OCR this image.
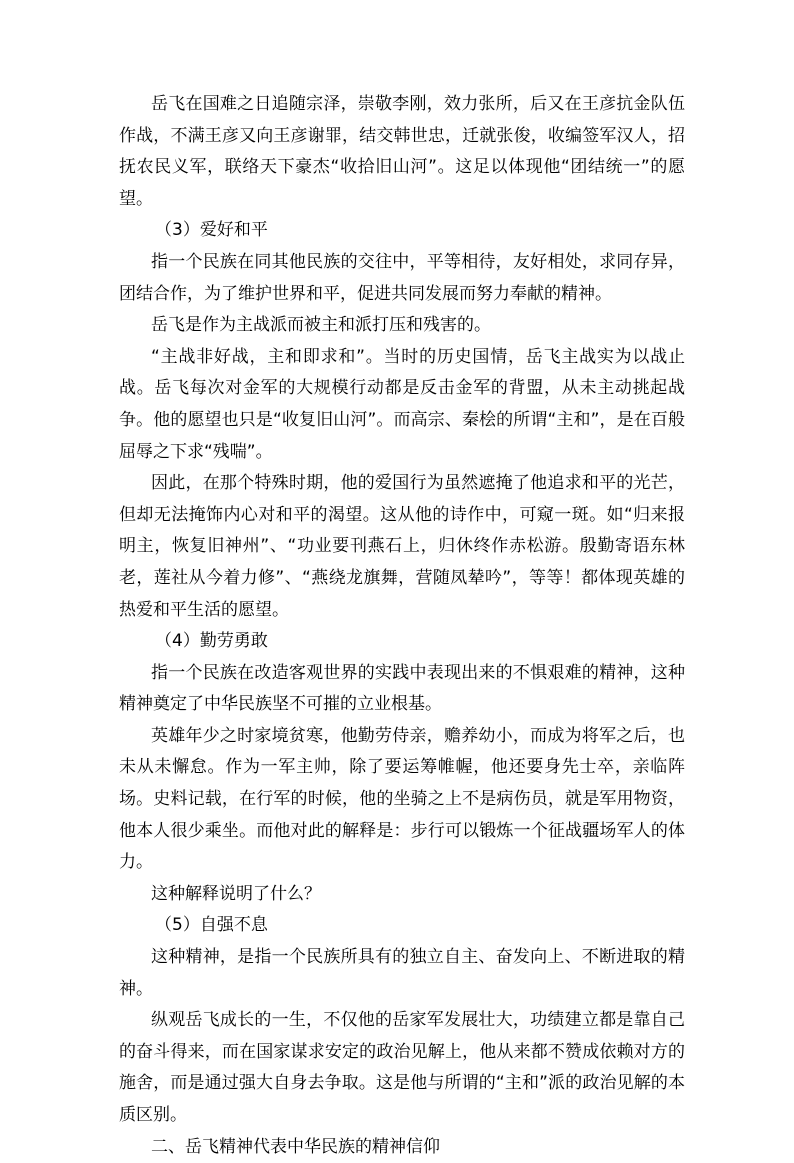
岳飞在国难之日追随宗泽，崇敬李刚，效力张所，后又在王彦抗金队伍作战，不满王彦又向王彦谢罪，结交韩世忠，迁就张俊，收编签军汉人，招抚农民义军，联络天下豪杰“收拾旧山河”。这足以体现他“团结统一”的愿望。

（3）爱好和平

指一个民族在同其他民族的交往中，平等相待，友好相处，求同存异，团结合作，为了维护世界和平，促进共同发展而努力奉献的精神。

岳飞是作为主战派而被主和派打压和残害的。

“主战非好战，主和即求和”。当时的历史国情，岳飞主战实为以战止战。岳飞每次对金军的大规模行动都是反击金军的背盟，从未主动挑起战争。他的愿望也只是“收复旧山河”。而高宗、秦桧的所谓“主和”，是在百般屈辱之下求“残喘”。

因此，在那个特殊时期，他的爱国行为虽然遮掩了他追求和平的光芒，但却无法掩饰内心对和平的渴望。这从他的诗作中，可窥一斑。如“归来报明主，恢复旧神州”、“功业要刊燕石上，归休终作赤松游。殷勤寄语东林老，莲社从今着力修”、“燕绕龙旗舞，营随凤辇吟”，等等！都体现英雄的热爱和平生活的愿望。

（4）勤劳勇敢

指一个民族在改造客观世界的实践中表现出来的不惧艰难的精神，这种精神奠定了中华民族坚不可摧的立业根基。

英雄年少之时家境贫寒，他勤劳侍亲，赡养幼小，而成为将军之后，也未从未懈怠。作为一军主帅，除了要运筹帷幄，他还要身先士卒，亲临阵场。史料记载，在行军的时候，他的坐骑之上不是病伤员，就是军用物资，他本人很少乘坐。而他对此的解释是：步行可以锻炼一个征战疆场军人的体力。

这种解释说明了什么？

（5）自强不息

这种精神，是指一个民族所具有的独立自主、奋发向上、不断进取的精神。

纵观岳飞成长的一生，不仅他的岳家军发展壮大，功绩建立都是靠自己的奋斗得来，而在国家谋求安定的政治见解上，他从来都不赞成依赖对方的施舍，而是通过强大自身去争取。这是他与所谓的“主和”派的政治见解的本质区别。

二、岳飞精神代表中华民族的精神信仰
